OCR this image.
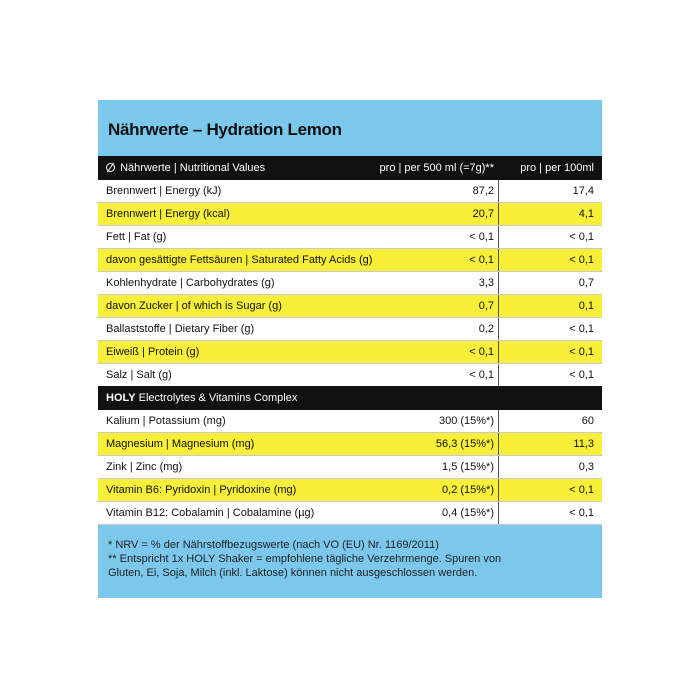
Nährwerte – Hydration Lemon
Nährwerte | Nutritional Values	pro | per 500 ml (=7g)** pro | per 100ml
Brennwert | Energy (kJ)	87,2	17,4
Brennwert | Energy (kcal)	20,7	4,1
Fett | Fat (g)	< 0,1	< 0,1
davon gesättigte Fettsäuren | Saturated Fatty Acids (g)	< 0,1	< 0,1
Kohlenhydrate | Carbohydrates (g)	3,3	0,7
davon Zucker | of which is Sugar (g)	0,7	0,1
Ballaststoffe | Dietary Fiber (g)	0,2	< 0,1
Eiweiß | Protein (g)	< 0,1	< 0,1
Salz | Salt (g)	< 0,1	< 0,1
HOLY Electrolytes & Vitamins Complex
Kalium | Potassium (mg)	300 (15%*)	60
Magnesium | Magnesium (mg)	56,3 (15%*)	11,3
Zink | Zinc (mg)	1,5 (15%*)	0,3
Vitamin B6: Pyridoxin | Pyridoxine (mg)	0,2 (15%*)	< 0,1
Vitamin B12: Cobalamin | Cobalamine (µg)	0,4 (15%*)	< 0,1
* NRV = % der Nährstoffbezugswerte (nach VO (EU) Nr. 1169/2011)
** Entspricht 1x HOLY Shaker = empfohlene tägliche Verzehrmenge. Spuren von
Gluten, Ei, Soja, Milch (inkl. Laktose) können nicht ausgeschlossen werden.
